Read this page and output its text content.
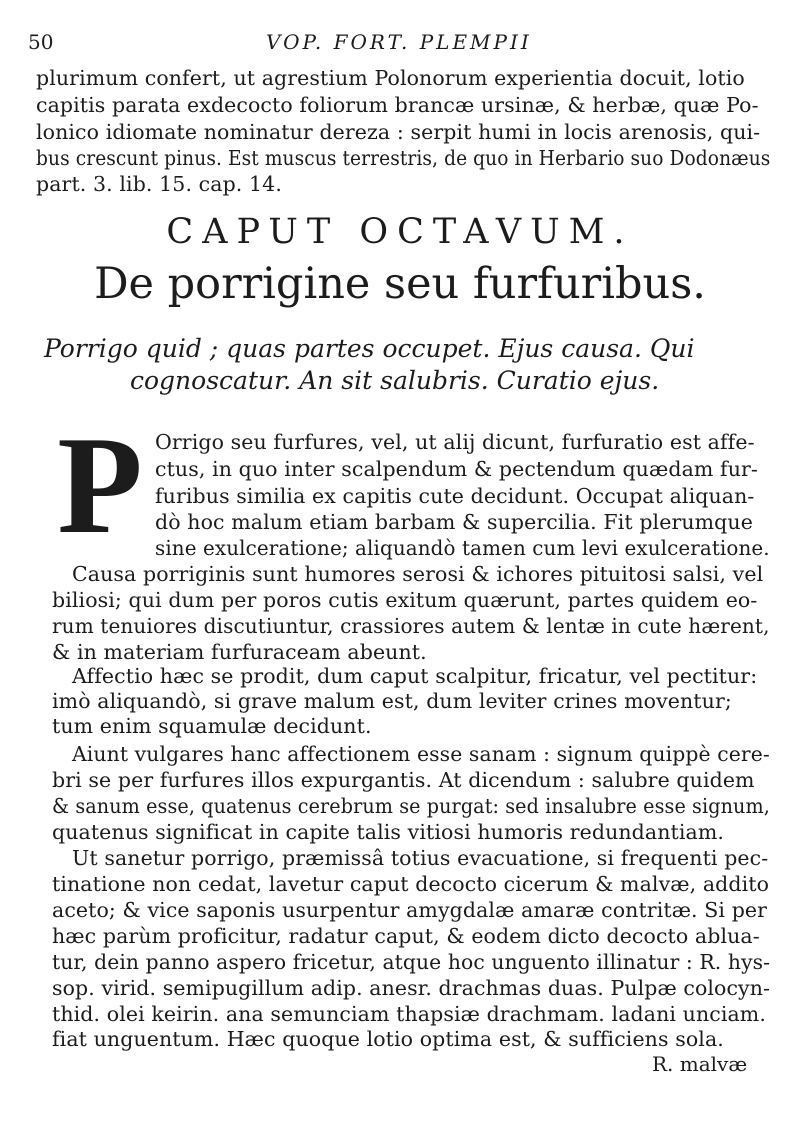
50	VOP. FORT. PLEMPII
plurimum confert, ut agrestium Polonorum experientia docuit, lotio
capitis parata exdecocto foliorum brancæ ursinæ, & herbæ, quæ Po-
lonico idiomate nominatur dereza : serpit humi in locis arenosis, qui-
bus crescunt pinus. Est muscus terrestris, de quo in Herbario suo Dodonæus
part. 3. lib. 15. cap. 14.
CAPUT OCTAVUM.
De porrigine seu furfuribus.
Porrigo quid ; quas partes occupet. Ejus causa. Qui
cognoscatur. An sit salubris. Curatio ejus.
P Orrigo seu furfures, vel, ut alij dicunt, furfuratio est affe-
ctus, in quo inter scalpendum & pectendum quædam fur-
furibus similia ex capitis cute decidunt. Occupat aliquan-
dò hoc malum etiam barbam & supercilia. Fit plerumque
sine exulceratione; aliquandò tamen cum levi exulceratione.
Causa porriginis sunt humores serosi & ichores pituitosi salsi, vel
biliosi; qui dum per poros cutis exitum quærunt, partes quidem eo-
rum tenuiores discutiuntur, crassiores autem & lentæ in cute hærent,
& in materiam furfuraceam abeunt.
Affectio hæc se prodit, dum caput scalpitur, fricatur, vel pectitur:
imò aliquandò, si grave malum est, dum leviter crines moventur;
tum enim squamulæ decidunt.
Aiunt vulgares hanc affectionem esse sanam : signum quippè cere-
bri se per furfures illos expurgantis. At dicendum : salubre quidem
& sanum esse, quatenus cerebrum se purgat: sed insalubre esse signum,
quatenus significat in capite talis vitiosi humoris redundantiam.
Ut sanetur porrigo, præmissâ totius evacuatione, si frequenti pec-
tinatione non cedat, lavetur caput decocto cicerum & malvæ, addito
aceto; & vice saponis usurpentur amygdalæ amaræ contritæ. Si per
hæc parùm proficitur, radatur caput, & eodem dicto decocto ablua-
tur, dein panno aspero fricetur, atque hoc unguento illinatur : R. hys-
sop. virid. semipugillum adip. anesr. drachmas duas. Pulpæ colocyn-
thid. olei keirin. ana semunciam thapsiæ drachmam. ladani unciam.
fiat unguentum. Hæc quoque lotio optima est, & sufficiens sola.
R. malvæ
